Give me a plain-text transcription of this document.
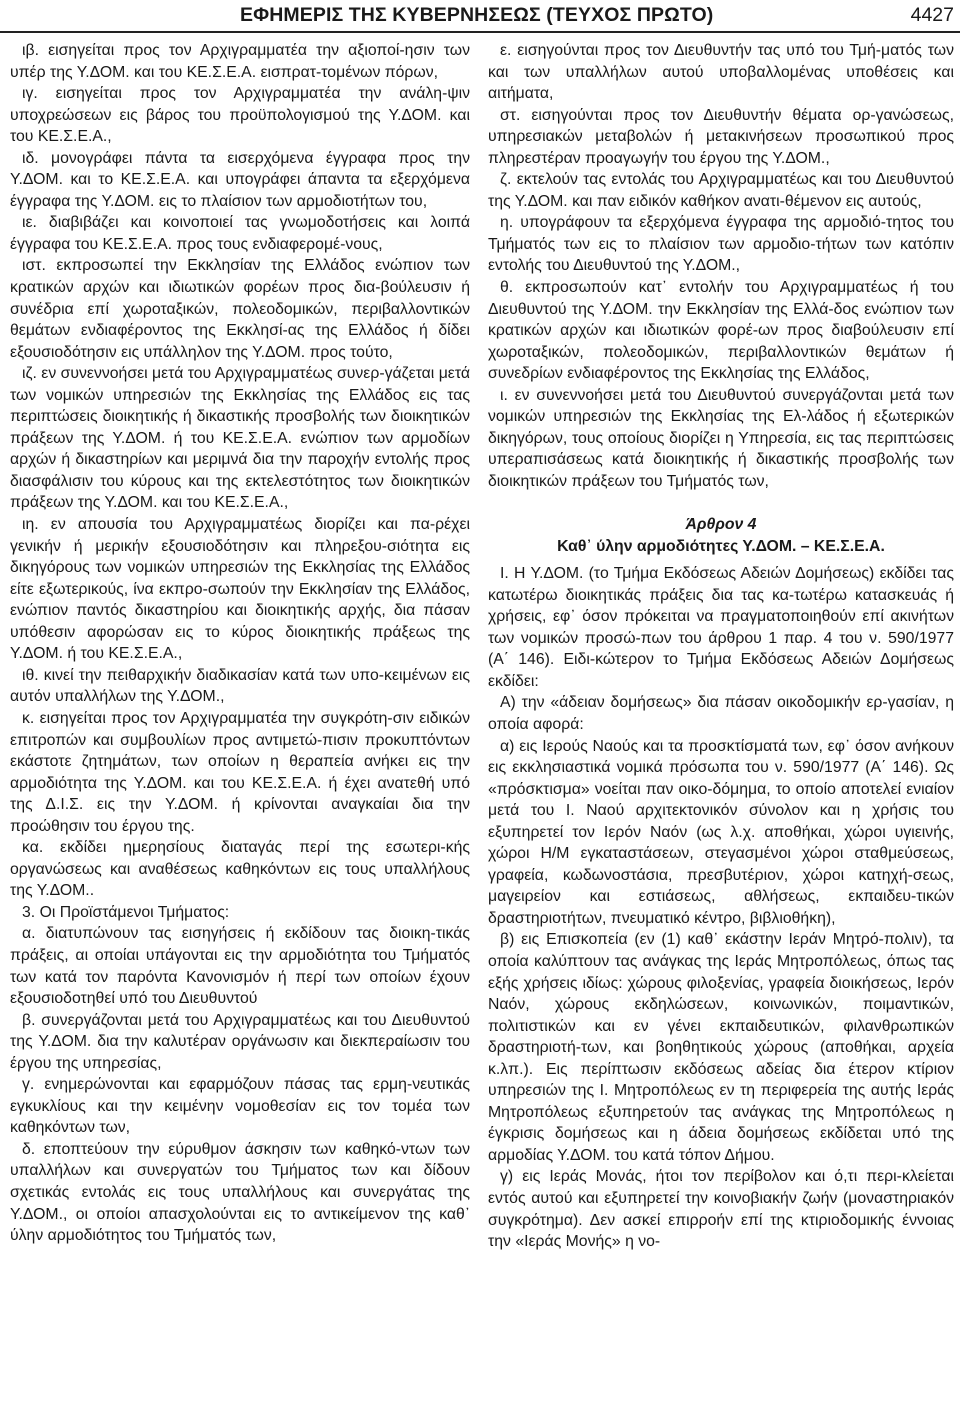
ΕΦΗΜΕΡΙΣ ΤΗΣ ΚΥΒΕΡΝΗΣΕΩΣ (ΤΕΥΧΟΣ ΠΡΩΤΟ)	4427

ιβ. εισηγείται προς τον Αρχιγραμματέα την αξιοποί-ησιν των υπέρ της Υ.ΔΟΜ. και του ΚΕ.Σ.Ε.Α. εισπρατ-τομένων πόρων,

ιγ. εισηγείται προς τον Αρχιγραμματέα την ανάλη-ψιν υποχρεώσεων εις βάρος του προϋπολογισμού της Υ.ΔΟΜ. και του ΚΕ.Σ.Ε.Α.,

ιδ. μονογράφει πάντα τα εισερχόμενα έγγραφα προς την Υ.ΔΟΜ. και το ΚΕ.Σ.Ε.Α. και υπογράφει άπαντα τα εξερχόμενα έγγραφα της Υ.ΔΟΜ. εις το πλαίσιον των αρμοδιοτήτων του,

ιε. διαβιβάζει και κοινοποιεί τας γνωμοδοτήσεις και λοιπά έγγραφα του ΚΕ.Σ.Ε.Α. προς τους ενδιαφερομέ-νους,

ιστ. εκπροσωπεί την Εκκλησίαν της Ελλάδος ενώπιον των κρατικών αρχών και ιδιωτικών φορέων προς δια-βούλευσιν ή συνέδρια επί χωροταξικών, πολεοδομικών, περιβαλλοντικών θεμάτων ενδιαφέροντος της Εκκλησί-ας της Ελλάδος ή δίδει εξουσιοδότησιν εις υπάλληλον της Υ.ΔΟΜ. προς τούτο,

ιζ. εν συνεννοήσει μετά του Αρχιγραμματέως συνερ-γάζεται μετά των νομικών υπηρεσιών της Εκκλησίας της Ελλάδος εις τας περιπτώσεις διοικητικής ή δικαστικής προσβολής των διοικητικών πράξεων της Υ.ΔΟΜ. ή του ΚΕ.Σ.Ε.Α. ενώπιον των αρμοδίων αρχών ή δικαστηρίων και μεριμνά δια την παροχήν εντολής προς διασφάλισιν του κύρους και της εκτελεστότητος των διοικητικών πράξεων της Υ.ΔΟΜ. και του ΚΕ.Σ.Ε.Α.,

ιη. εν απουσία του Αρχιγραμματέως διορίζει και πα-ρέχει γενικήν ή μερικήν εξουσιοδότησιν και πληρεξου-σιότητα εις δικηγόρους των νομικών υπηρεσιών της Εκκλησίας της Ελλάδος είτε εξωτερικούς, ίνα εκπρο-σωπούν την Εκκλησίαν της Ελλάδος, ενώπιον παντός δικαστηρίου και διοικητικής αρχής, δια πάσαν υπόθεσιν αφορώσαν εις το κύρος διοικητικής πράξεως της Υ.ΔΟΜ. ή του ΚΕ.Σ.Ε.Α.,

ιθ. κινεί την πειθαρχικήν διαδικασίαν κατά των υπο-κειμένων εις αυτόν υπαλλήλων της Υ.ΔΟΜ.,

κ. εισηγείται προς τον Αρχιγραμματέα την συγκρότη-σιν ειδικών επιτροπών και συμβουλίων προς αντιμετώ-πισιν προκυπτόντων εκάστοτε ζητημάτων, των οποίων η θεραπεία ανήκει εις την αρμοδιότητα της Υ.ΔΟΜ. και του ΚΕ.Σ.Ε.Α. ή έχει ανατεθή υπό της Δ.Ι.Σ. εις την Υ.ΔΟΜ. ή κρίνονται αναγκαίαι δια την προώθησιν του έργου της.

κα. εκδίδει ημερησίους διαταγάς περί της εσωτερι-κής οργανώσεως και αναθέσεως καθηκόντων εις τους υπαλλήλους της Υ.ΔΟΜ..

3. Οι Προϊστάμενοι Τμήματος:

α. διατυπώνουν τας εισηγήσεις ή εκδίδουν τας διοικη-τικάς πράξεις, αι οποίαι υπάγονται εις την αρμοδιότητα του Τμήματός των κατά τον παρόντα Κανονισμόν ή περί των οποίων έχουν εξουσιοδοτηθεί υπό του Διευθυντού

β. συνεργάζονται μετά του Αρχιγραμματέως και του Διευθυντού της Υ.ΔΟΜ. δια την καλυτέραν οργάνωσιν και διεκπεραίωσιν του έργου της υπηρεσίας,

γ. ενημερώνονται και εφαρμόζουν πάσας τας ερμη-νευτικάς εγκυκλίους και την κειμένην νομοθεσίαν εις τον τομέα των καθηκόντων των,

δ. εποπτεύουν την εύρυθμον άσκησιν των καθηκό-ντων των υπαλλήλων και συνεργατών του Τμήματος των και δίδουν σχετικάς εντολάς εις τους υπαλλήλους και συνεργάτας της Υ.ΔΟΜ., οι οποίοι απασχολούνται εις το αντικείμενον της καθ᾽ ύλην αρμοδιότητος του Τμήματός των,

ε. εισηγούνται προς τον Διευθυντήν τας υπό του Τμή-ματός των και των υπαλλήλων αυτού υποβαλλομένας υποθέσεις και αιτήματα,

στ. εισηγούνται προς τον Διευθυντήν θέματα ορ-γανώσεως, υπηρεσιακών μεταβολών ή μετακινήσεων προσωπικού προς πληρεστέραν προαγωγήν του έργου της Υ.ΔΟΜ.,

ζ. εκτελούν τας εντολάς του Αρχιγραμματέως και του Διευθυντού της Υ.ΔΟΜ. και παν ειδικόν καθήκον ανατι-θέμενον εις αυτούς,

η. υπογράφουν τα εξερχόμενα έγγραφα της αρμοδιό-τητος του Τμήματός των εις το πλαίσιον των αρμοδιο-τήτων των κατόπιν εντολής του Διευθυντού της Υ.ΔΟΜ.,

θ. εκπροσωπούν κατ᾽ εντολήν του Αρχιγραμματέως ή του Διευθυντού της Υ.ΔΟΜ. την Εκκλησίαν της Ελλά-δος ενώπιον των κρατικών αρχών και ιδιωτικών φορέ-ων προς διαβούλευσιν επί χωροταξικών, πολεοδομικών, περιβαλλοντικών θεμάτων ή συνεδρίων ενδιαφέροντος της Εκκλησίας της Ελλάδος,

ι. εν συνεννοήσει μετά του Διευθυντού συνεργάζονται μετά των νομικών υπηρεσιών της Εκκλησίας της Ελ-λάδος ή εξωτερικών δικηγόρων, τους οποίους διορίζει η Υπηρεσία, εις τας περιπτώσεις υπεραπισάσεως κατά διοικητικής ή δικαστικής προσβολής των διοικητικών πράξεων του Τμήματός των,

Άρθρον 4

Καθ᾽ ύλην αρμοδιότητες Υ.ΔΟΜ. – ΚΕ.Σ.Ε.Α.

Ι. Η Υ.ΔΟΜ. (το Τμήμα Εκδόσεως Αδειών Δομήσεως) εκδίδει τας κατωτέρω διοικητικάς πράξεις δια τας κα-τωτέρω κατασκευάς ή χρήσεις, εφ᾽ όσον πρόκειται να πραγματοποιηθούν επί ακινήτων των νομικών προσώ-πων του άρθρου 1 παρ. 4 του ν. 590/1977 (Α΄ 146). Ειδι-κώτερον το Τμήμα Εκδόσεως Αδειών Δομήσεως εκδίδει:

Α) την «άδειαν δομήσεως» δια πάσαν οικοδομικήν ερ-γασίαν, η οποία αφορά:

α) εις Ιερούς Ναούς και τα προσκτίσματά των, εφ᾽ όσον ανήκουν εις εκκλησιαστικά νομικά πρόσωπα του ν. 590/1977 (Α΄ 146). Ως «πρόσκτισμα» νοείται παν οικο-δόμημα, το οποίο αποτελεί ενιαίον μετά του Ι. Ναού αρχιτεκτονικόν σύνολον και η χρήσις του εξυπηρετεί τον Ιερόν Ναόν (ως λ.χ. αποθήκαι, χώροι υγιεινής, χώροι Η/Μ εγκαταστάσεων, στεγασμένοι χώροι σταθμεύσεως, γραφεία, κωδωνοστάσια, πρεσβυτέριον, χώροι κατηχή-σεως, μαγειρείον και εστιάσεως, αθλήσεως, εκπαιδευ-τικών δραστηριοτήτων, πνευματικό κέντρο, βιβλιοθήκη),

β) εις Επισκοπεία (εν (1) καθ᾽ εκάστην Ιεράν Μητρό-πολιν), τα οποία καλύπτουν τας ανάγκας της Ιεράς Μητροπόλεως, όπως τας εξής χρήσεις ιδίως: χώρους φιλοξενίας, γραφεία διοικήσεως, Ιερόν Ναόν, χώρους εκδηλώσεων, κοινωνικών, ποιμαντικών, πολιτιστικών και εν γένει εκπαιδευτικών, φιλανθρωπικών δραστηριοτή-των, και βοηθητικούς χώρους (αποθήκαι, αρχεία κ.λπ.). Εις περίπτωσιν εκδόσεως αδείας δια έτερον κτίριον υπηρεσιών της Ι. Μητροπόλεως εν τη περιφερεία της αυτής Ιεράς Μητροπόλεως εξυπηρετούν τας ανάγκας της Μητροπόλεως η έγκρισις δομήσεως και η άδεια δομήσεως εκδίδεται υπό της αρμοδίας Υ.ΔΟΜ. του κατά τόπον Δήμου.

γ) εις Ιεράς Μονάς, ήτοι τον περίβολον και ό,τι περι-κλείεται εντός αυτού και εξυπηρετεί την κοινοβιακήν ζωήν (μοναστηριακόν συγκρότημα). Δεν ασκεί επιρροήν επί της κτιριοδομικής έννοιας την «Ιεράς Μονής» η νο-
